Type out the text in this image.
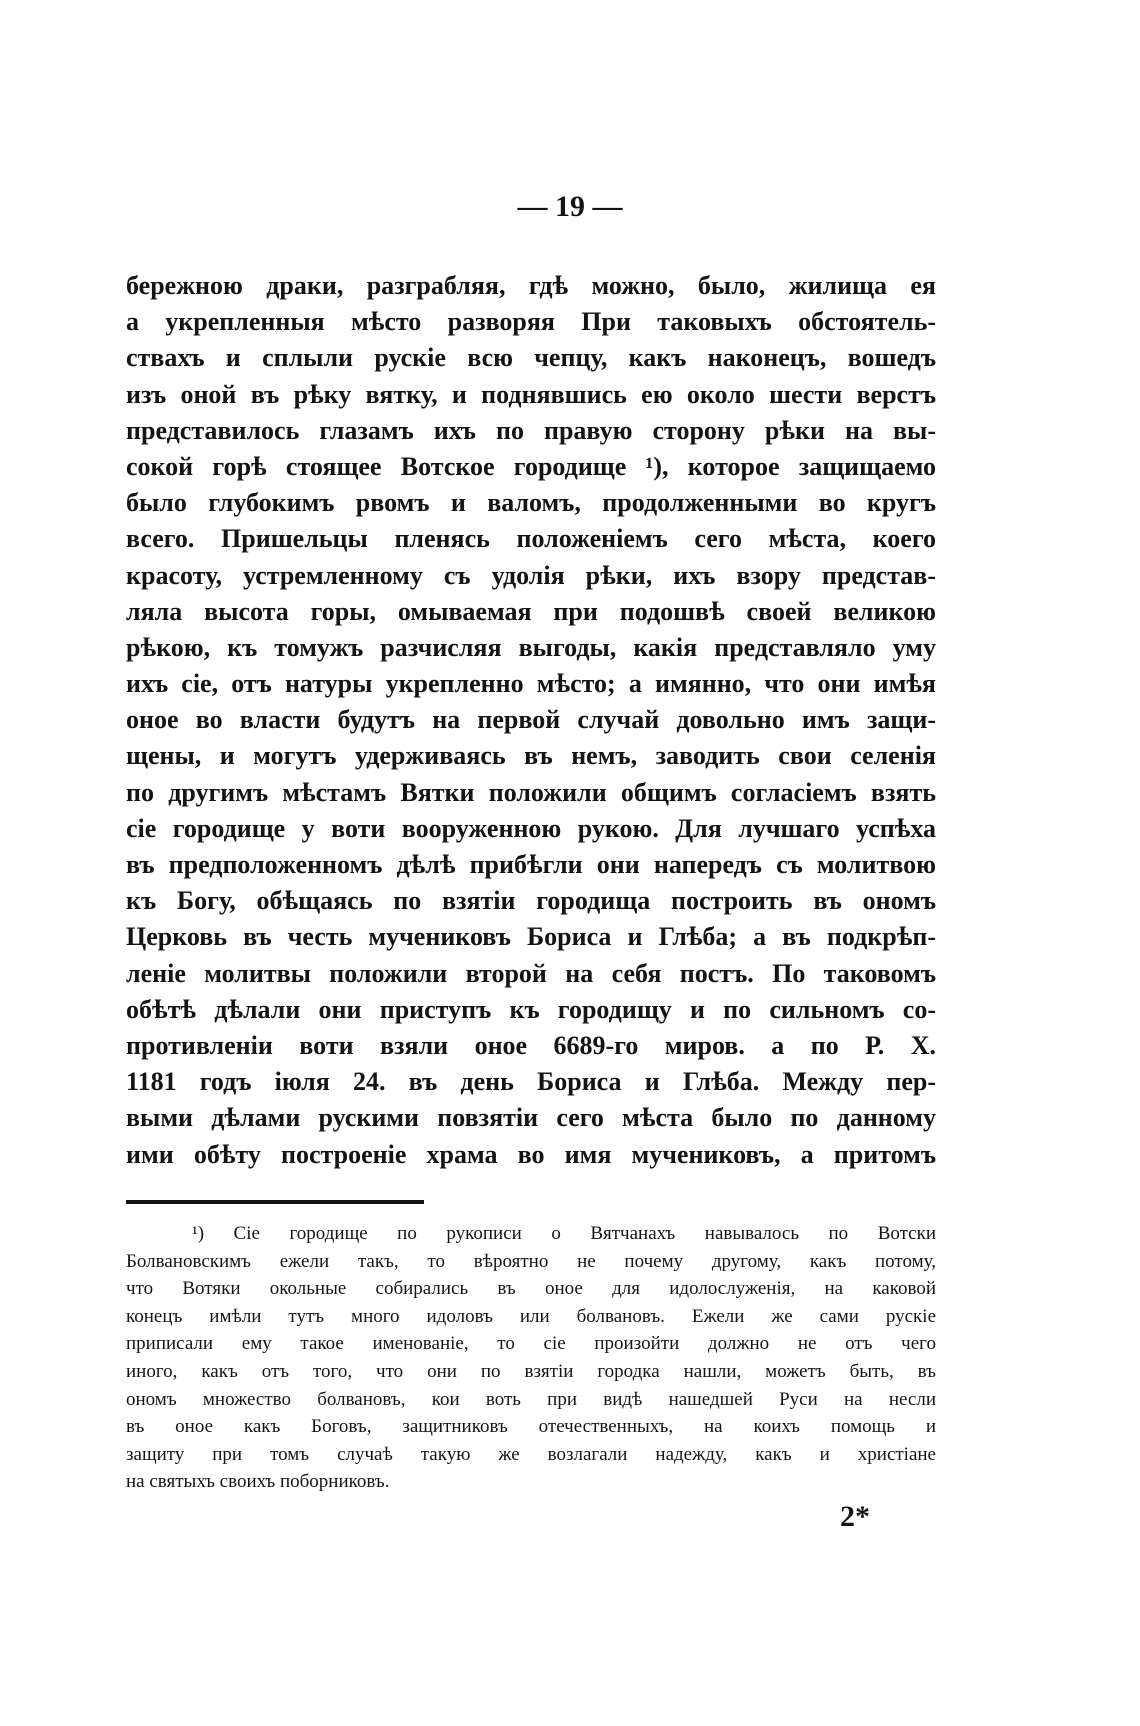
— 19 —
бережною драки, разграбляя, гдѣ можно, было, жилища ея
а укрепленныя мѣсто разворяя При таковыхъ обстоятель-
ствахъ и сплыли рускіе всю чепцу, какъ наконецъ, вошедъ
изъ оной въ рѣку вятку, и поднявшись ею около шести верстъ
представилось глазамъ ихъ по правую сторону рѣки на вы-
сокой горѣ стоящее Вотское городище ¹), которое защищаемо
было глубокимъ рвомъ и валомъ, продолженными во кругъ
всего. Пришельцы пленясь положеніемъ сего мѣста, коего
красоту, устремленному съ удолія рѣки, ихъ взору представ-
ляла высота горы, омываемая при подошвѣ своей великою
рѣкою, къ томужъ разчисляя выгоды, какія представляло уму
ихъ сіе, отъ натуры укрепленно мѣсто; а имянно, что они имѣя
оное во власти будутъ на первой случай довольно имъ защи-
щены, и могутъ удерживаясь въ немъ, заводить свои селенія
по другимъ мѣстамъ Вятки положили общимъ согласіемъ взять
сіе городище у воти вооруженною рукою. Для лучшаго успѣха
въ предположенномъ дѣлѣ прибѣгли они напередъ съ молитвою
къ Богу, обѣщаясь по взятіи городища построить въ ономъ
Церковь въ честь мучениковъ Бориса и Глѣба; а въ подкрѣп-
леніе молитвы положили второй на себя постъ. По таковомъ
обѣтѣ дѣлали они приступъ къ городищу и по сильномъ со-
противленіи воти взяли оное 6689-го миров. а по Р. Х.
1181 годъ іюля 24. въ день Бориса и Глѣба. Между пер-
выми дѣлами рускими повзятіи сего мѣста было по данному
ими обѣту построеніе храма во имя мучениковъ, а притомъ
¹) Сіе городище по рукописи о Вятчанахъ навывалось по Вотски
Болвановскимъ ежели такъ, то вѣроятно не почему другому, какъ потому,
что Вотяки окольные собирались въ оное для идолослуженія, на каковой
конецъ имѣли тутъ много идоловъ или болвановъ. Ежели же сами рускіе
приписали ему такое именованіе, то сіе произойти должно не отъ чего
иного, какъ отъ того, что они по взятіи городка нашли, можетъ быть, въ
ономъ множество болвановъ, кои воть при видѣ нашедшей Руси на несли
въ оное какъ Боговъ, защитниковъ отечественныхъ, на коихъ помощь и
защиту при томъ случаѣ такую же возлагали надежду, какъ и христіане
на святыхъ своихъ поборниковъ.
2*
